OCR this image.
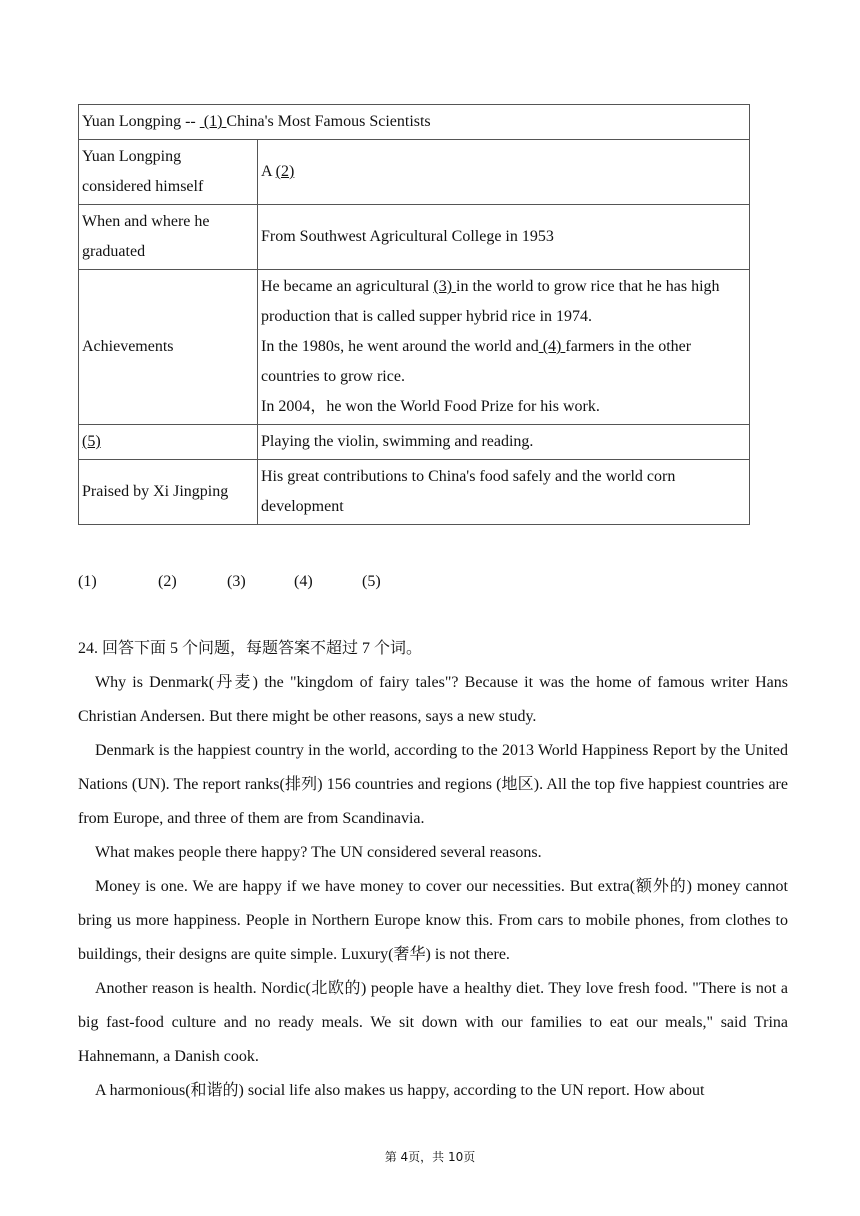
Yuan Longping --  (1) China's Most Famous Scientists	
Yuan Longping considered himself	A (2)
When and where he graduated	From Southwest Agricultural College in 1953
Achievements	He became an agricultural (3) in the world to grow rice that he has high production that is called supper hybrid rice in 1974.
In the 1980s, he went around the world and (4) farmers in the other countries to grow rice.
In 2004，he won the World Food Prize for his work.

(5)	Playing the violin, swimming and reading.
Praised by Xi Jingping	His great contributions to China's food safely and the world corn development
(1)	(2)	(3)	(4)	(5)
24. 回答下面 5 个问题，每题答案不超过 7 个词。

Why is Denmark(丹麦) the "kingdom of fairy tales"? Because it was the home of famous writer Hans Christian Andersen. But there might be other reasons, says a new study.

Denmark is the happiest country in the world, according to the 2013 World Happiness Report by the United Nations (UN). The report ranks(排列) 156 countries and regions (地区). All the top five happiest countries are from Europe, and three of them are from Scandinavia.

What makes people there happy? The UN considered several reasons.

Money is one. We are happy if we have money to cover our necessities. But extra(额外的) money cannot bring us more happiness. People in Northern Europe know this. From cars to mobile phones, from clothes to buildings, their designs are quite simple. Luxury(奢华) is not there.

Another reason is health. Nordic(北欧的) people have a healthy diet. They love fresh food. "There is not a big fast-food culture and no ready meals. We sit down with our families to eat our meals," said Trina Hahnemann, a Danish cook.

A harmonious(和谐的) social life also makes us happy, according to the UN report. How about

第 4页，共 10页
